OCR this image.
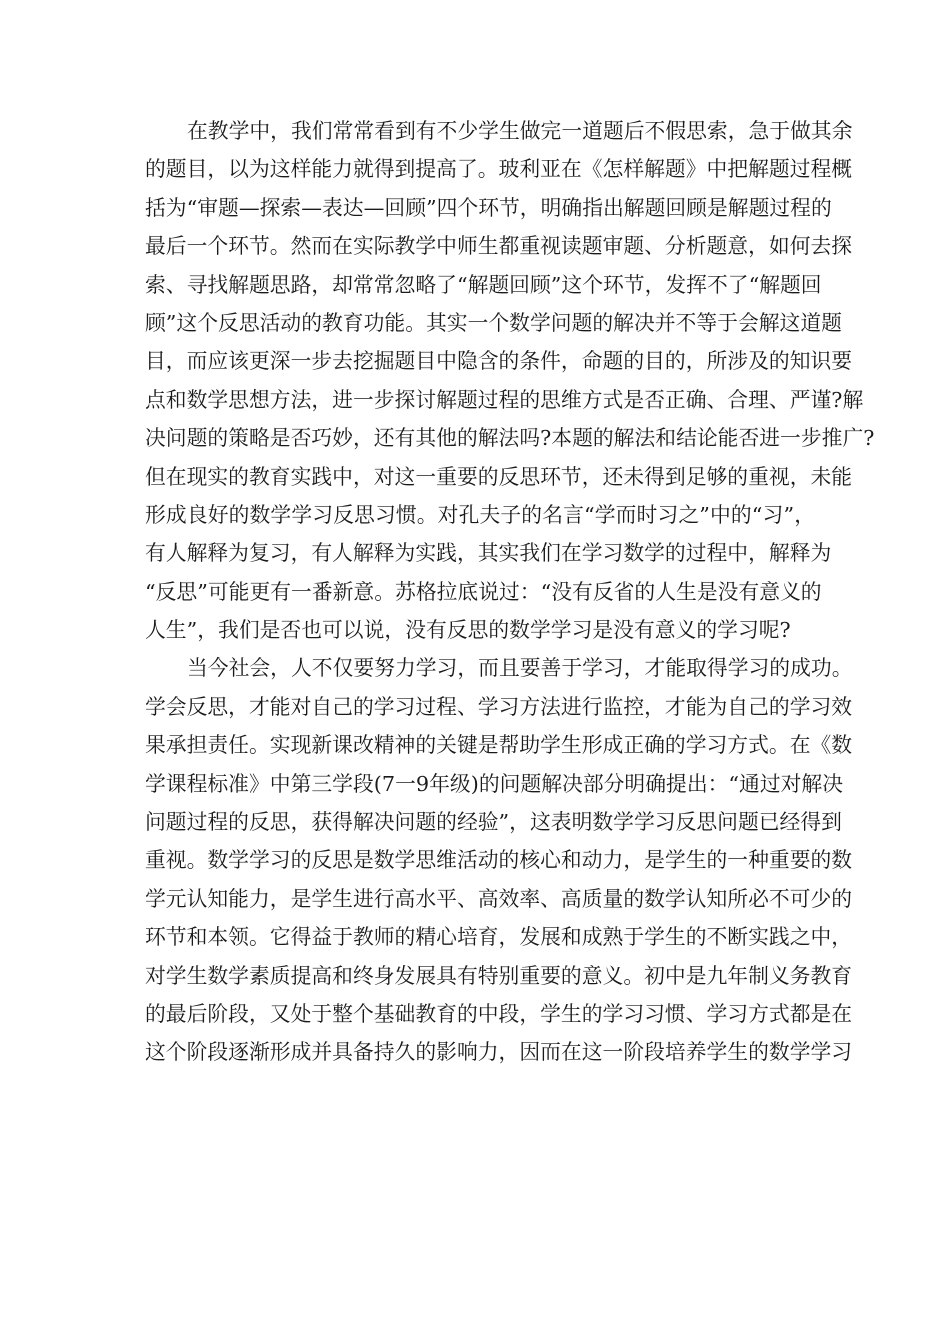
在教学中，我们常常看到有不少学生做完一道题后不假思索，急于做其余
的题目，以为这样能力就得到提高了。玻利亚在《怎样解题》中把解题过程概
括为“审题—探索—表达—回顾”四个环节，明确指出解题回顾是解题过程的
最后一个环节。然而在实际教学中师生都重视读题审题、分析题意，如何去探
索、寻找解题思路，却常常忽略了“解题回顾”这个环节，发挥不了“解题回
顾”这个反思活动的教育功能。其实一个数学问题的解决并不等于会解这道题
目，而应该更深一步去挖掘题目中隐含的条件，命题的目的，所涉及的知识要
点和数学思想方法，进一步探讨解题过程的思维方式是否正确、合理、严谨?解
决问题的策略是否巧妙，还有其他的解法吗?本题的解法和结论能否进一步推广?
但在现实的教育实践中，对这一重要的反思环节，还未得到足够的重视，未能
形成良好的数学学习反思习惯。对孔夫子的名言“学而时习之”中的“习”，
有人解释为复习，有人解释为实践，其实我们在学习数学的过程中，解释为
“反思”可能更有一番新意。苏格拉底说过：“没有反省的人生是没有意义的
人生”，我们是否也可以说，没有反思的数学学习是没有意义的学习呢?
当今社会，人不仅要努力学习，而且要善于学习，才能取得学习的成功。
学会反思，才能对自己的学习过程、学习方法进行监控，才能为自己的学习效
果承担责任。实现新课改精神的关键是帮助学生形成正确的学习方式。在《数
学课程标准》中第三学段(7一9年级)的问题解决部分明确提出：“通过对解决
问题过程的反思，获得解决问题的经验”，这表明数学学习反思问题已经得到
重视。数学学习的反思是数学思维活动的核心和动力，是学生的一种重要的数
学元认知能力，是学生进行高水平、高效率、高质量的数学认知所必不可少的
环节和本领。它得益于教师的精心培育，发展和成熟于学生的不断实践之中，
对学生数学素质提高和终身发展具有特别重要的意义。初中是九年制义务教育
的最后阶段，又处于整个基础教育的中段，学生的学习习惯、学习方式都是在
这个阶段逐渐形成并具备持久的影响力，因而在这一阶段培养学生的数学学习
